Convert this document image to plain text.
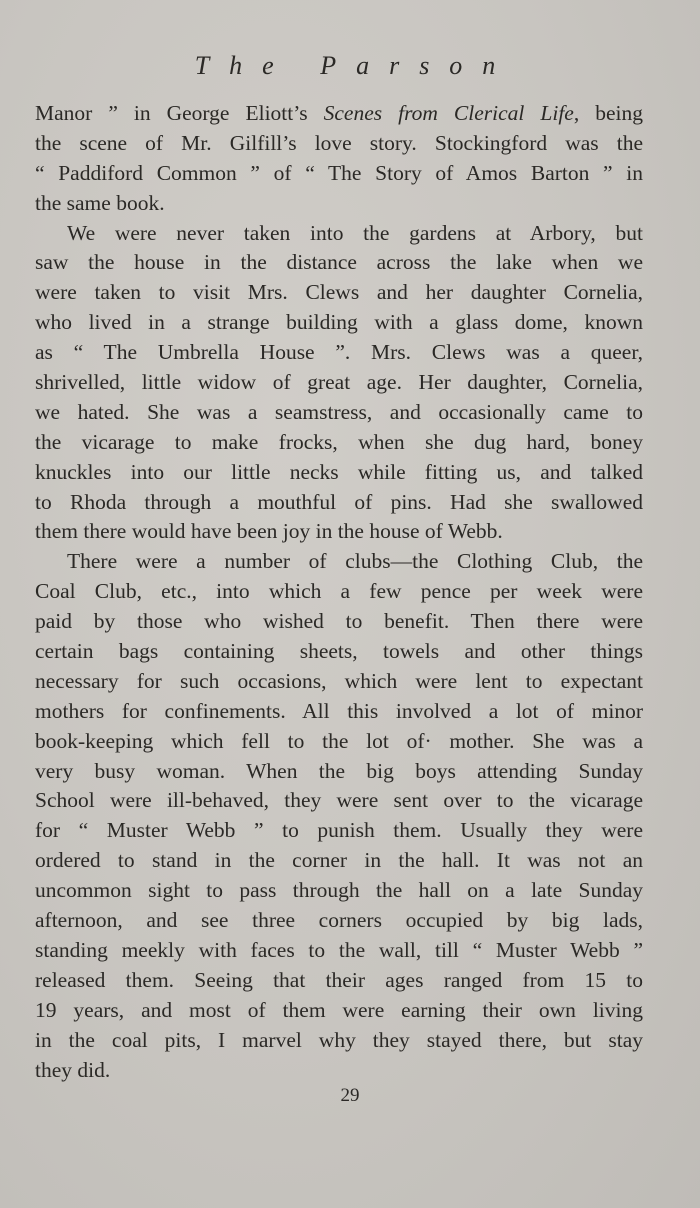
The Parson
Manor ” in George Eliott’s Scenes from Clerical Life, being
the scene of Mr. Gilfill’s love story. Stockingford was the
“ Paddiford Common ” of “ The Story of Amos Barton ” in
the same book.
We were never taken into the gardens at Arbory, but
saw the house in the distance across the lake when we
were taken to visit Mrs. Clews and her daughter Cornelia,
who lived in a strange building with a glass dome, known
as “ The Umbrella House ”. Mrs. Clews was a queer,
shrivelled, little widow of great age. Her daughter, Cornelia,
we hated. She was a seamstress, and occasionally came to
the vicarage to make frocks, when she dug hard, boney
knuckles into our little necks while fitting us, and talked
to Rhoda through a mouthful of pins. Had she swallowed
them there would have been joy in the house of Webb.
There were a number of clubs—the Clothing Club, the
Coal Club, etc., into which a few pence per week were
paid by those who wished to benefit. Then there were
certain bags containing sheets, towels and other things
necessary for such occasions, which were lent to expectant
mothers for confinements. All this involved a lot of minor
book-keeping which fell to the lot of· mother. She was a
very busy woman. When the big boys attending Sunday
School were ill-behaved, they were sent over to the vicarage
for “ Muster Webb ” to punish them. Usually they were
ordered to stand in the corner in the hall. It was not an
uncommon sight to pass through the hall on a late Sunday
afternoon, and see three corners occupied by big lads,
standing meekly with faces to the wall, till “ Muster Webb ”
released them. Seeing that their ages ranged from 15 to
19 years, and most of them were earning their own living
in the coal pits, I marvel why they stayed there, but stay
they did.
29
